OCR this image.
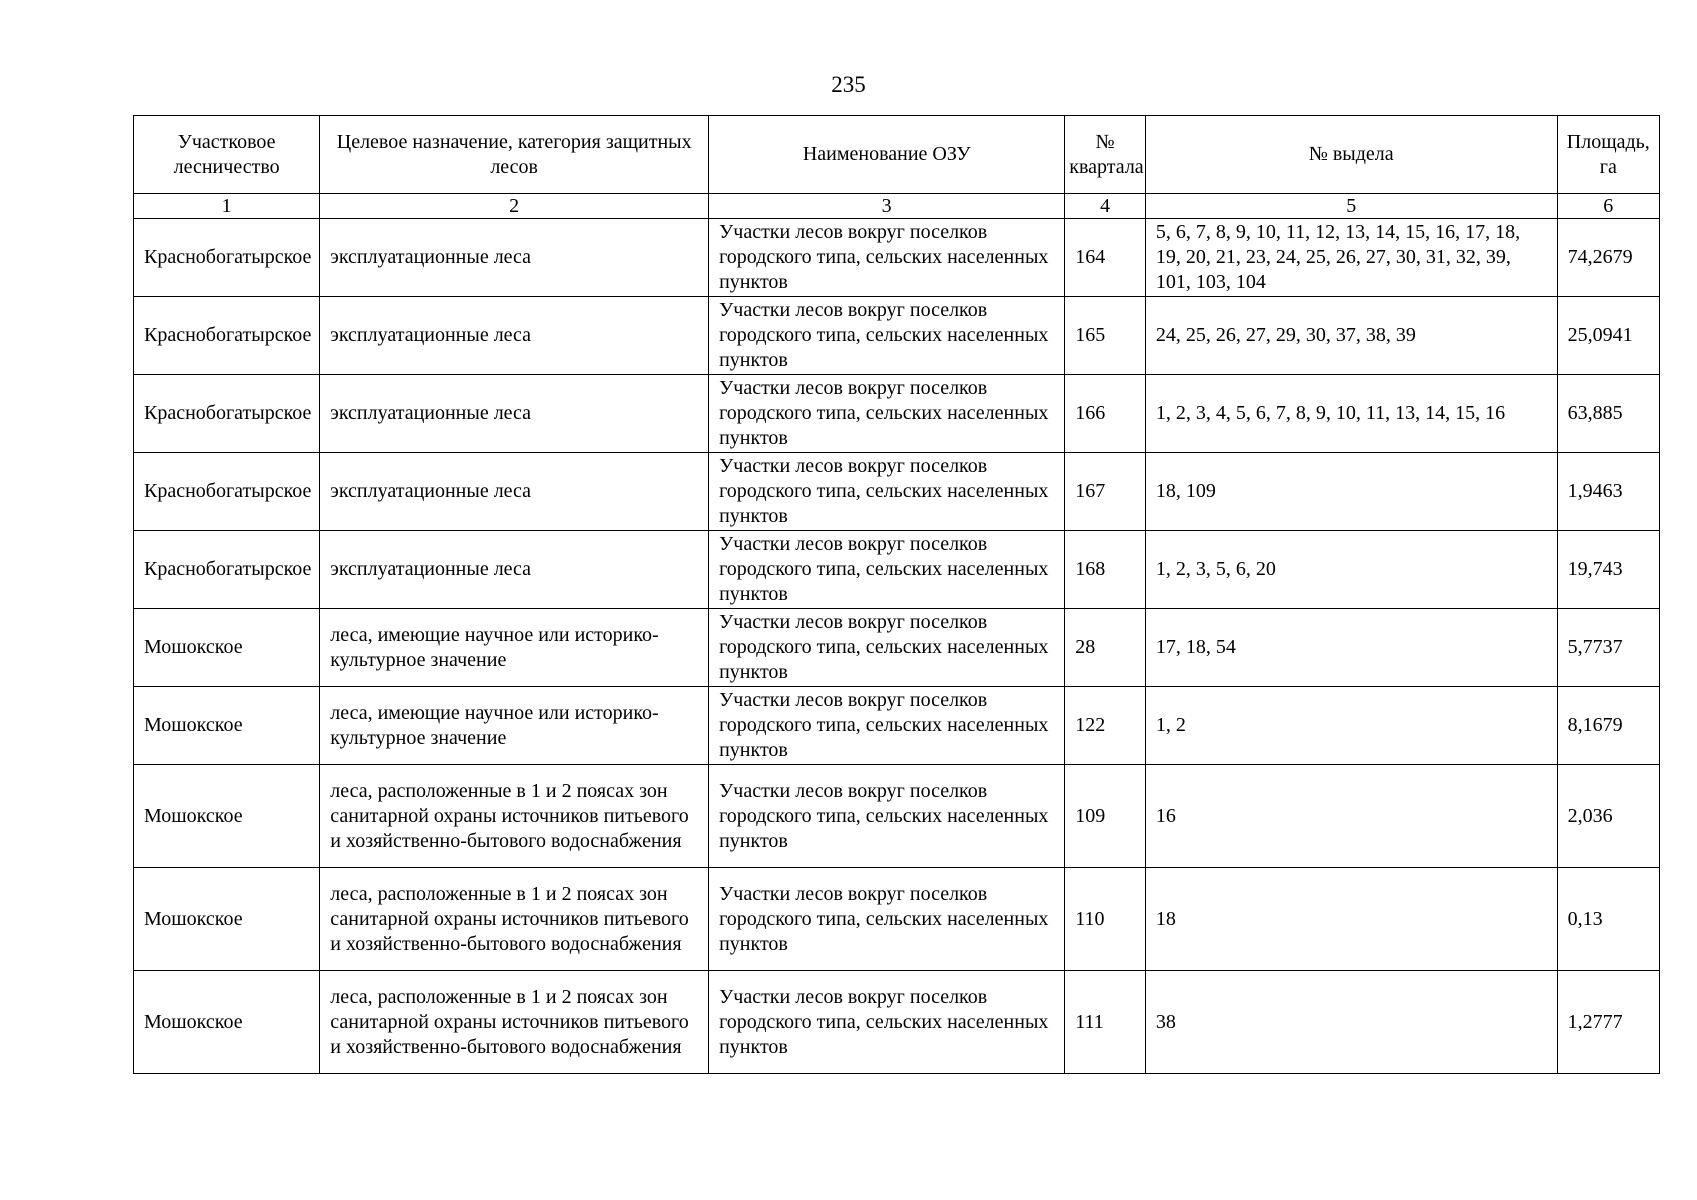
235
Участковое лесничество	Целевое назначение, категория защитных лесов	Наименование ОЗУ	№ квартала	№ выдела	Площадь, га
1	2	3	4	5	6
Краснобогатырское	эксплуатационные леса	Участки лесов вокруг поселков городского типа, сельских населенных пунктов	164	5, 6, 7, 8, 9, 10, 11, 12, 13, 14, 15, 16, 17, 18, 19, 20, 21, 23, 24, 25, 26, 27, 30, 31, 32, 39, 101, 103, 104	74,2679
Краснобогатырское	эксплуатационные леса	Участки лесов вокруг поселков городского типа, сельских населенных пунктов	165	24, 25, 26, 27, 29, 30, 37, 38, 39	25,0941
Краснобогатырское	эксплуатационные леса	Участки лесов вокруг поселков городского типа, сельских населенных пунктов	166	1, 2, 3, 4, 5, 6, 7, 8, 9, 10, 11, 13, 14, 15, 16	63,885
Краснобогатырское	эксплуатационные леса	Участки лесов вокруг поселков городского типа, сельских населенных пунктов	167	18, 109	1,9463
Краснобогатырское	эксплуатационные леса	Участки лесов вокруг поселков городского типа, сельских населенных пунктов	168	1, 2, 3, 5, 6, 20	19,743
Мошокское	леса, имеющие научное или историко-культурное значение	Участки лесов вокруг поселков городского типа, сельских населенных пунктов	28	17, 18, 54	5,7737
Мошокское	леса, имеющие научное или историко-культурное значение	Участки лесов вокруг поселков городского типа, сельских населенных пунктов	122	1, 2	8,1679
Мошокское	леса, расположенные в 1 и 2 поясах зон санитарной охраны источников питьевого и хозяйственно-бытового водоснабжения	Участки лесов вокруг поселков городского типа, сельских населенных пунктов	109	16	2,036
Мошокское	леса, расположенные в 1 и 2 поясах зон санитарной охраны источников питьевого и хозяйственно-бытового водоснабжения	Участки лесов вокруг поселков городского типа, сельских населенных пунктов	110	18	0,13
Мошокское	леса, расположенные в 1 и 2 поясах зон санитарной охраны источников питьевого и хозяйственно-бытового водоснабжения	Участки лесов вокруг поселков городского типа, сельских населенных пунктов	111	38	1,2777
